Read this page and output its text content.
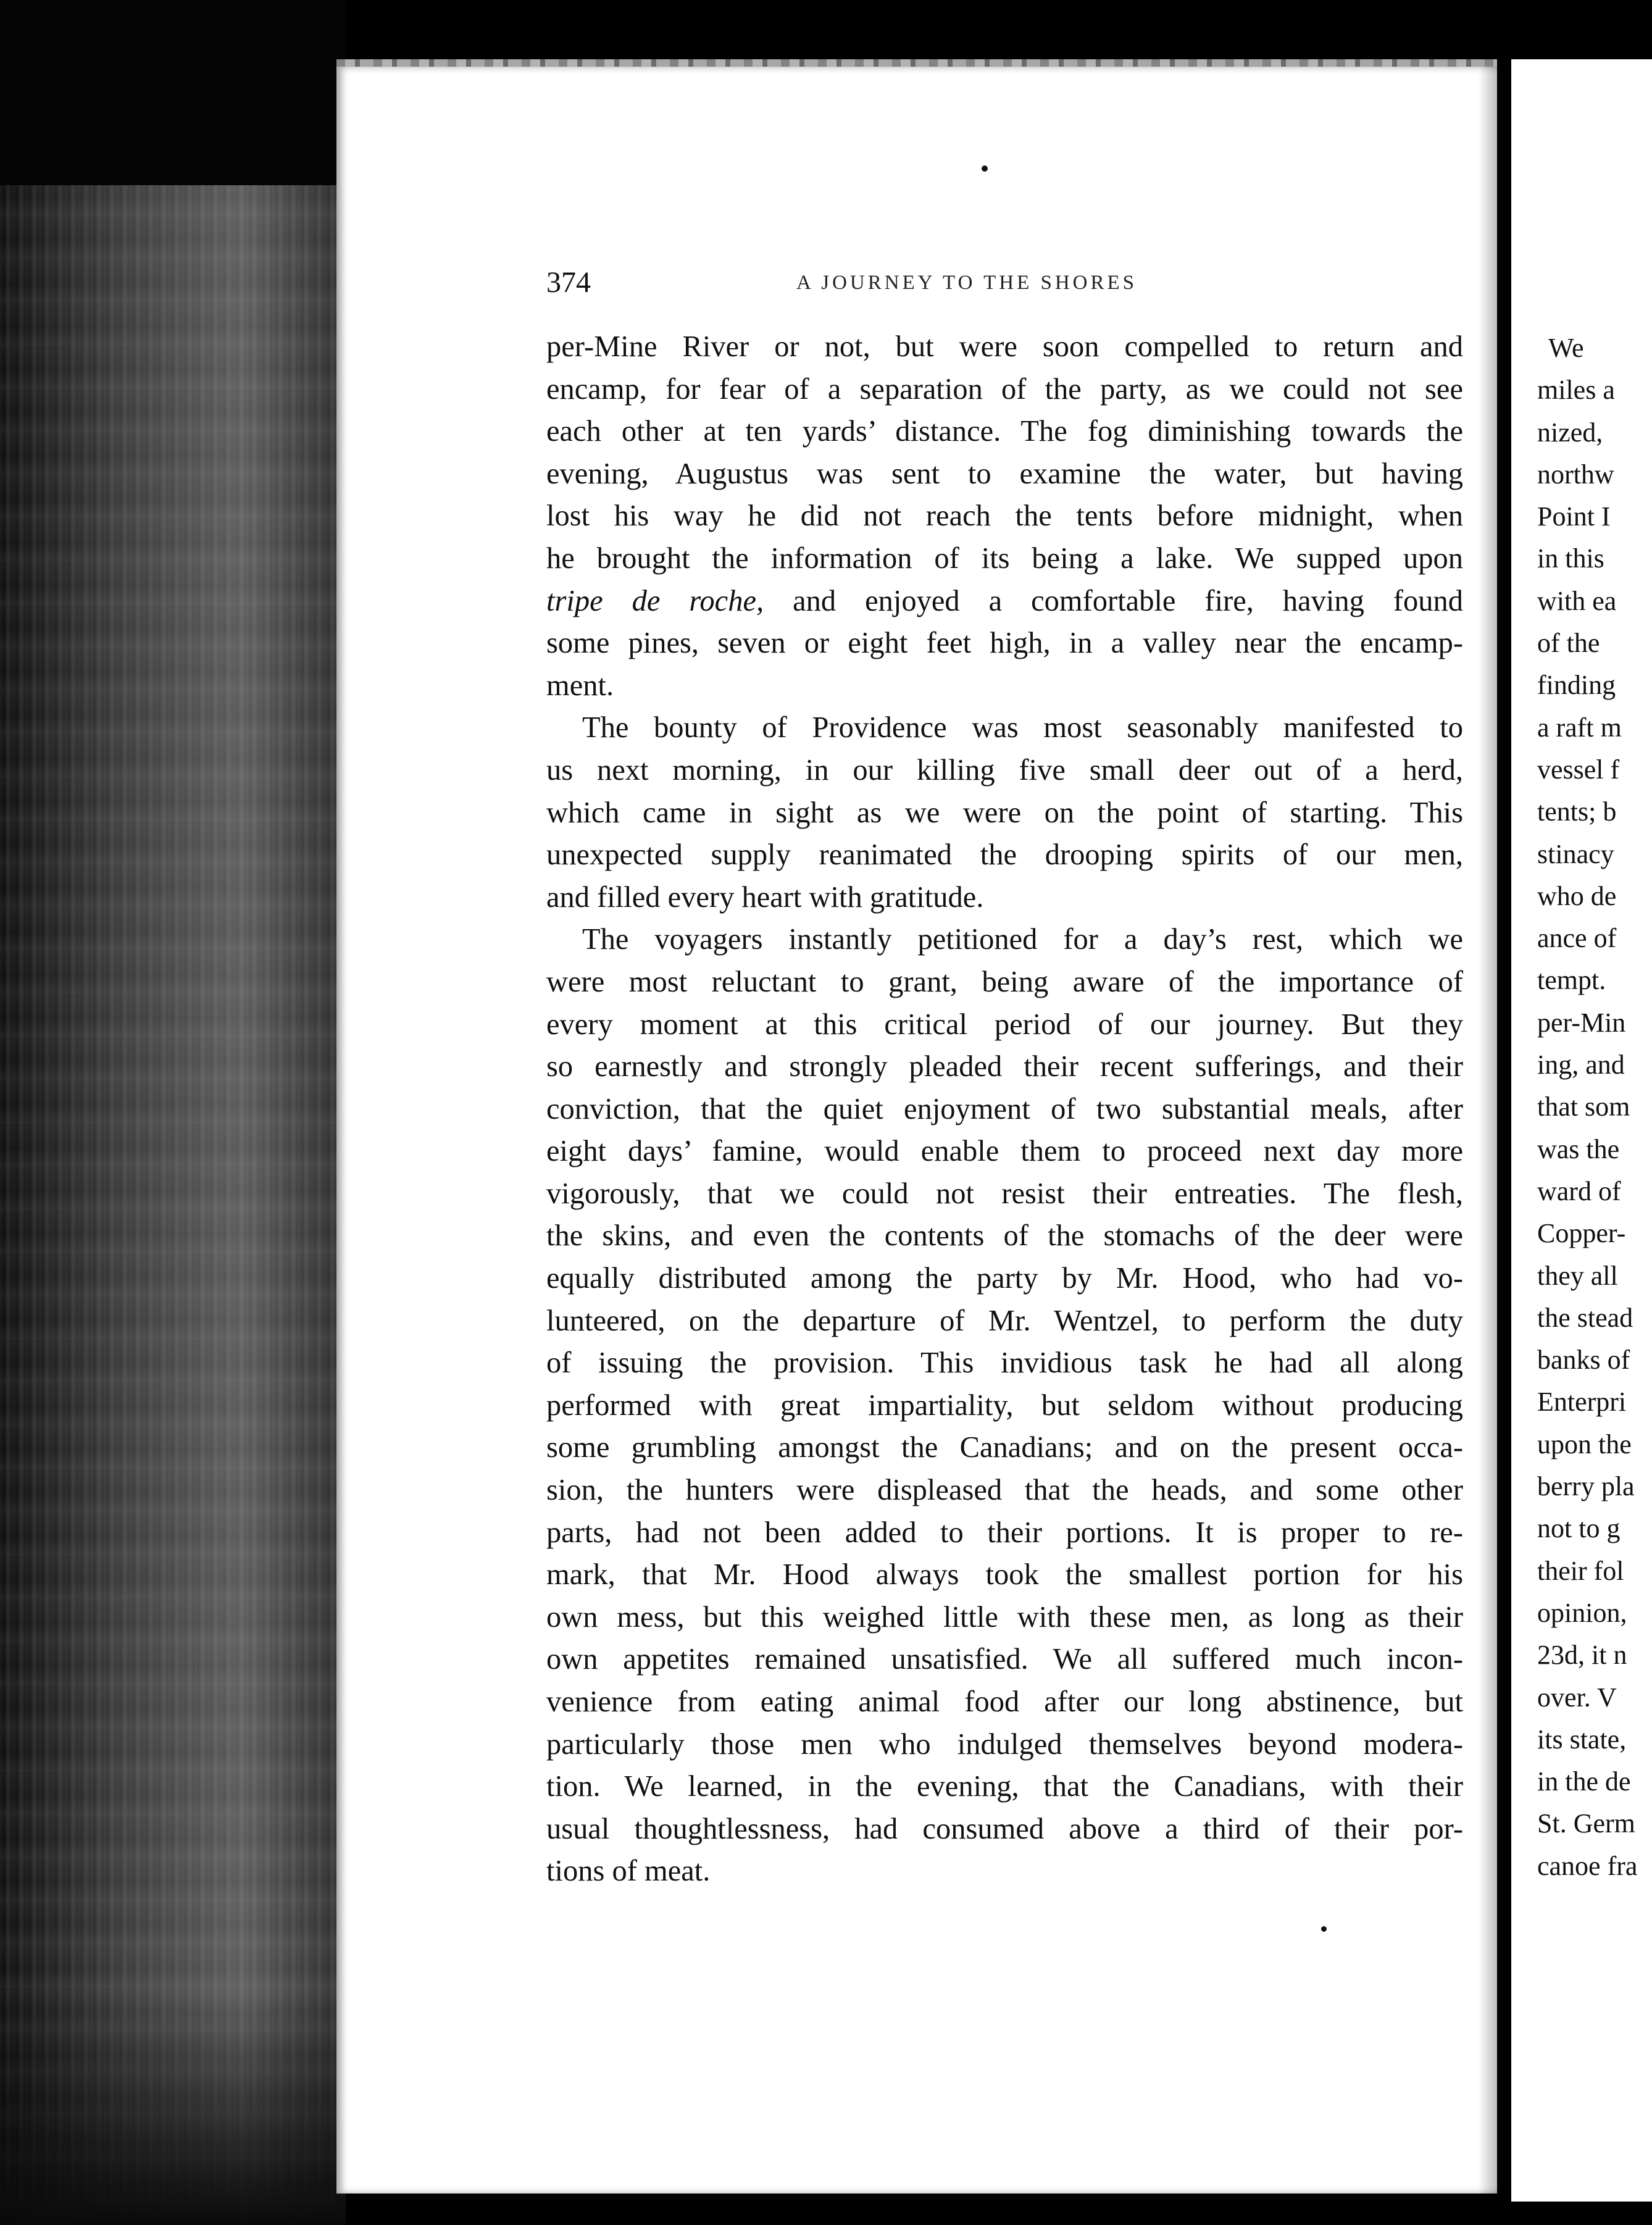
374	A JOURNEY TO THE SHORES

per-Mine River or not, but were soon compelled to return and
encamp, for fear of a separation of the party, as we could not see
each other at ten yards’ distance. The fog diminishing towards the
evening, Augustus was sent to examine the water, but having
lost his way he did not reach the tents before midnight, when
he brought the information of its being a lake. We supped upon
tripe de roche, and enjoyed a comfortable fire, having found
some pines, seven or eight feet high, in a valley near the encamp-
ment.

The bounty of Providence was most seasonably manifested to
us next morning, in our killing five small deer out of a herd,
which came in sight as we were on the point of starting. This
unexpected supply reanimated the drooping spirits of our men,
and filled every heart with gratitude.

The voyagers instantly petitioned for a day’s rest, which we
were most reluctant to grant, being aware of the importance of
every moment at this critical period of our journey. But they
so earnestly and strongly pleaded their recent sufferings, and their
conviction, that the quiet enjoyment of two substantial meals, after
eight days’ famine, would enable them to proceed next day more
vigorously, that we could not resist their entreaties. The flesh,
the skins, and even the contents of the stomachs of the deer were
equally distributed among the party by Mr. Hood, who had vo-
lunteered, on the departure of Mr. Wentzel, to perform the duty
of issuing the provision. This invidious task he had all along
performed with great impartiality, but seldom without producing
some grumbling amongst the Canadians; and on the present occa-
sion, the hunters were displeased that the heads, and some other
parts, had not been added to their portions. It is proper to re-
mark, that Mr. Hood always took the smallest portion for his
own mess, but this weighed little with these men, as long as their
own appetites remained unsatisfied. We all suffered much incon-
venience from eating animal food after our long abstinence, but
particularly those men who indulged themselves beyond modera-
tion. We learned, in the evening, that the Canadians, with their
usual thoughtlessness, had consumed above a third of their por-
tions of meat.

We
miles a
nized,
northw
Point I
in this
with ea
of the
finding
a raft m
vessel f
tents; b
stinacy
who de
ance of
tempt.
per-Min
ing, and
that som
was the
ward of
Copper-
they all
the stead
banks of
Enterpri
upon the
berry pla
not to g
their fol
opinion,
23d, it n
over. V
its state,
in the de
St. Germ
canoe fra
